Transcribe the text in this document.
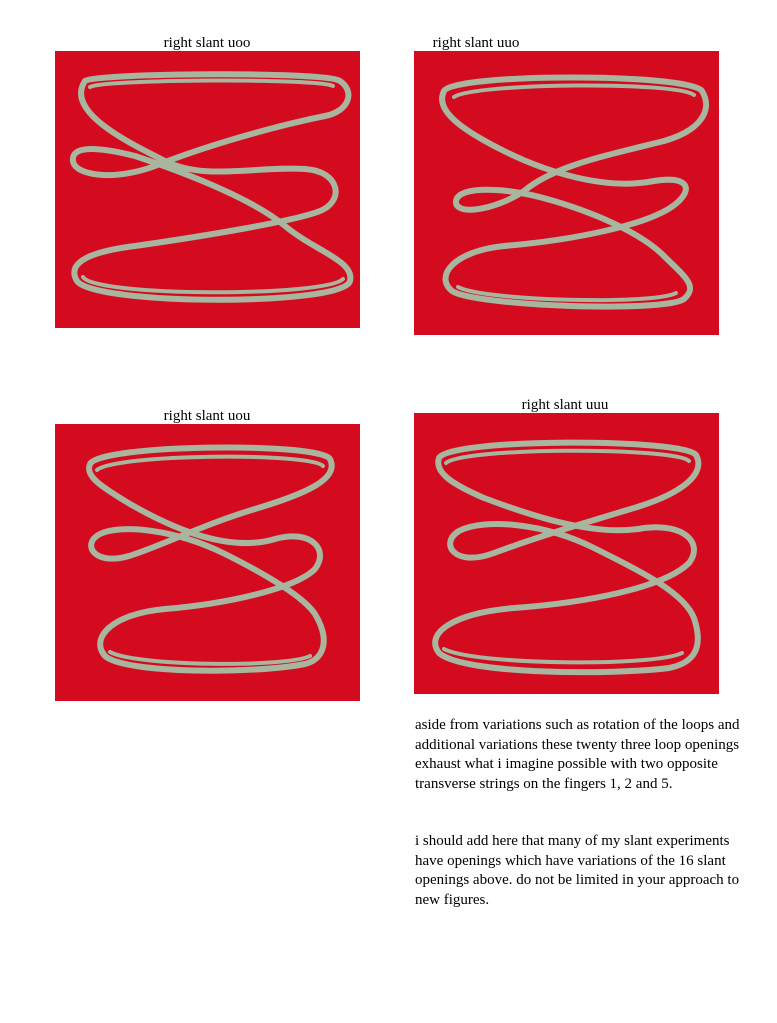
right slant uoo	right slant uuo
right slant uou
right slant uuu

aside from variations such as rotation of the loops and additional variations these twenty three loop openings exhaust what i imagine possible with two opposite transverse strings on the fingers 1, 2 and 5.

i should add here that many of my slant experiments have openings which have variations of the 16 slant openings above. do not be limited in your approach to new figures.
